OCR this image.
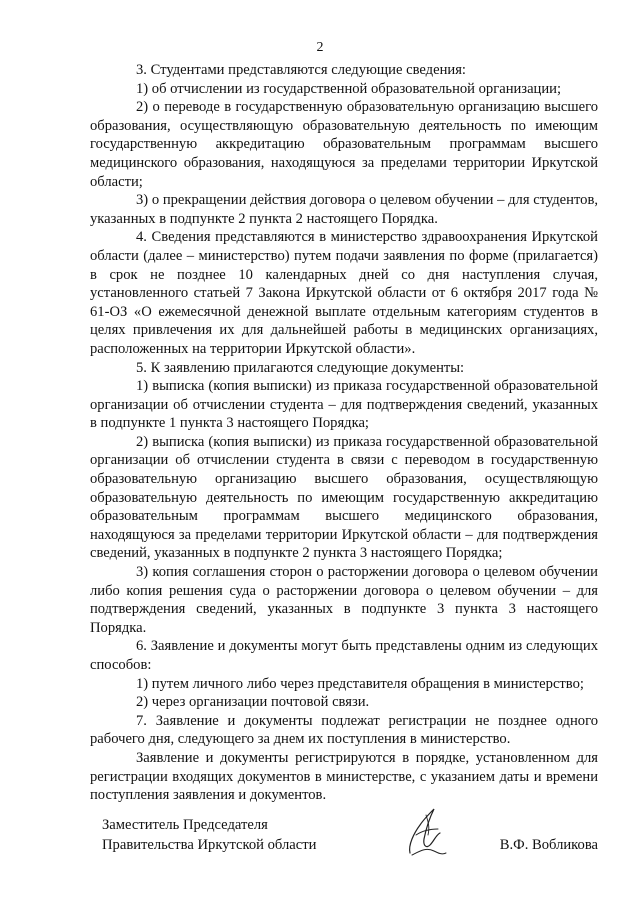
2

3. Студентами представляются следующие сведения:

1) об отчислении из государственной образовательной организации;

2) о переводе в государственную образовательную организацию высшего образования, осуществляющую образовательную деятельность по имеющим государственную аккредитацию образовательным программам высшего медицинского образования, находящуюся за пределами территории Иркутской области;

3) о прекращении действия договора о целевом обучении – для студентов, указанных в подпункте 2 пункта 2 настоящего Порядка.

4. Сведения представляются в министерство здравоохранения Иркутской области (далее – министерство) путем подачи заявления по форме (прилагается) в срок не позднее 10 календарных дней со дня наступления случая, установленного статьей 7 Закона Иркутской области от 6 октября 2017 года № 61-ОЗ «О ежемесячной денежной выплате отдельным категориям студентов в целях привлечения их для дальнейшей работы в медицинских организациях, расположенных на территории Иркутской области».

5. К заявлению прилагаются следующие документы:

1) выписка (копия выписки) из приказа государственной образовательной организации об отчислении студента – для подтверждения сведений, указанных в подпункте 1 пункта 3 настоящего Порядка;

2) выписка (копия выписки) из приказа государственной образовательной организации об отчислении студента в связи с переводом в государственную образовательную организацию высшего образования, осуществляющую образовательную деятельность по имеющим государственную аккредитацию образовательным программам высшего медицинского образования, находящуюся за пределами территории Иркутской области – для подтверждения сведений, указанных в подпункте 2 пункта 3 настоящего Порядка;

3) копия соглашения сторон о расторжении договора о целевом обучении либо копия решения суда о расторжении договора о целевом обучении – для подтверждения сведений, указанных в подпункте 3 пункта 3 настоящего Порядка.

6. Заявление и документы могут быть представлены одним из следующих способов:

1) путем личного либо через представителя обращения в министерство;

2) через организации почтовой связи.

7. Заявление и документы подлежат регистрации не позднее одного рабочего дня, следующего за днем их поступления в министерство.

Заявление и документы регистрируются в порядке, установленном для регистрации входящих документов в министерстве, с указанием даты и времени поступления заявления и документов.

Заместитель Председателя
Правительства Иркутской области	В.Ф. Вобликова
